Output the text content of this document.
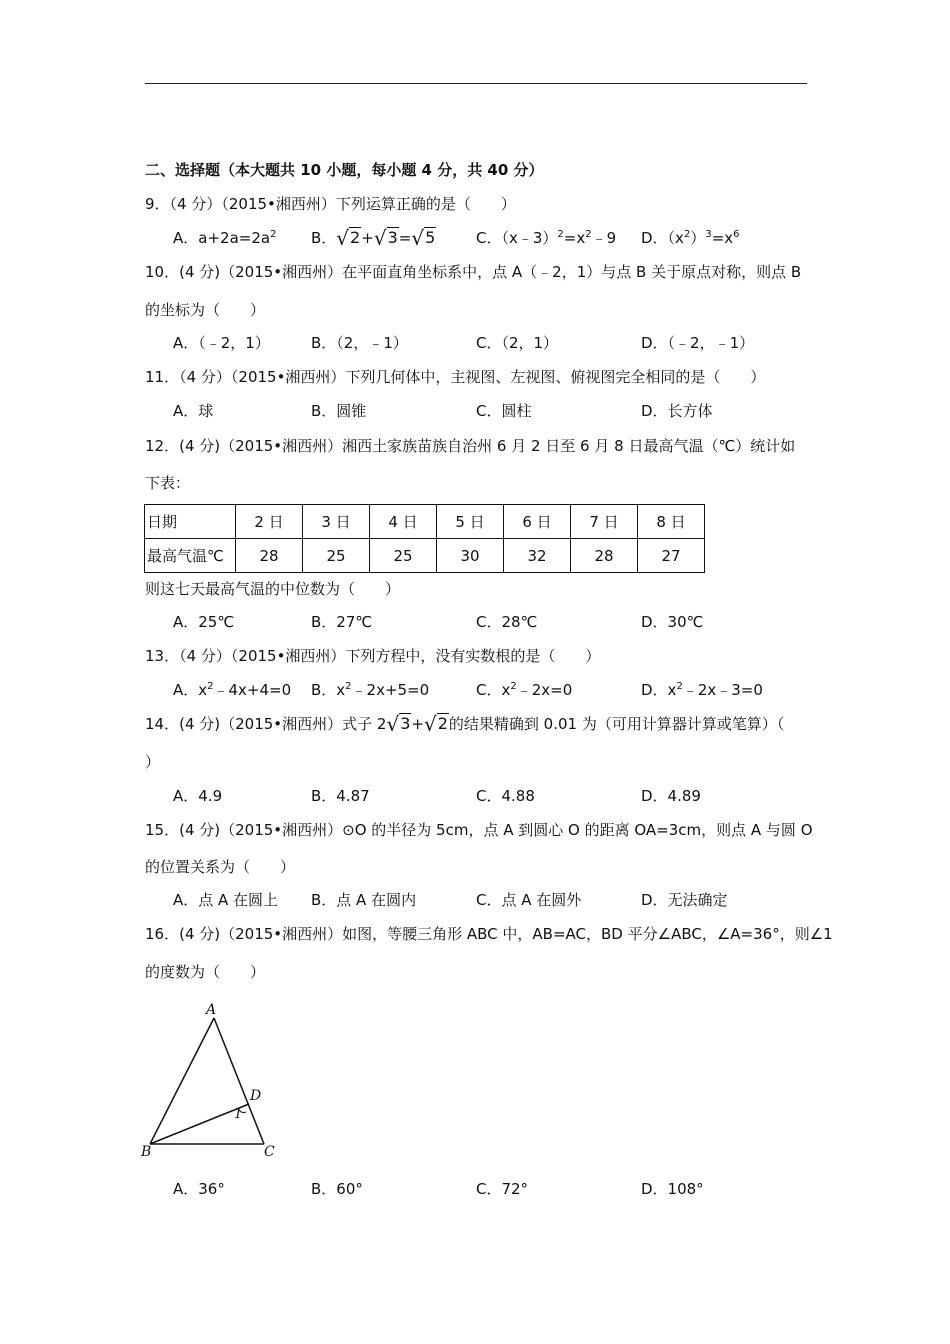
二、选择题（本大题共 10 小题，每小题 4 分，共 40 分）
9．（4 分）（2015•湘西州）下列运算正确的是（　　）
A．$a+2a=2a^2$ B．√2+√3=√5	C．$(x﹣3)^2=x^2﹣9$ D．$(x^2)^3=x^6$
10．(4 分)（2015•湘西州）在平面直角坐标系中，点 A（﹣2，1）与点 B 关于原点对称，则点 B
的坐标为（　　）
A．（﹣2，1）	B．（2，﹣1）	C．（2，1）	D．（﹣2，﹣1）
11．（4 分）（2015•湘西州）下列几何体中，主视图、左视图、俯视图完全相同的是（　　）
A．球	B．圆锥	C．圆柱	D．长方体
12．(4 分)（2015•湘西州）湘西土家族苗族自治州 6 月 2 日至 6 月 8 日最高气温（℃）统计如
下表：
日期	2 日	3 日	4 日	5 日	6 日	7 日	8 日
最高气温℃	28	25	25	30	32	28	27
则这七天最高气温的中位数为（　　）
A．25℃	B．27℃	C．28℃	D．30℃
13．（4 分）（2015•湘西州）下列方程中，没有实数根的是（　　）
A．$x^2﹣4x+4=0$ B．$x^2﹣2x+5=0$	C．$x^2﹣2x=0$	D．$x^2﹣2x﹣3=0$
14．(4 分)（2015•湘西州）式子 2√3+√2的结果精确到 0.01 为（可用计算器计算或笔算）（
）
A．4.9	B．4.87	C．4.88	D．4.89
15．(4 分)（2015•湘西州）⊙O 的半径为 5cm，点 A 到圆心 O 的距离 OA=3cm，则点 A 与圆 O
的位置关系为（　　）
A．点 A 在圆上 B．点 A 在圆内	C．点 A 在圆外	D．无法确定
16．(4 分)（2015•湘西州）如图，等腰三角形 ABC 中，AB=AC，BD 平分∠ABC，∠A=36°，则∠1
的度数为（　　）
A
B	C
D
1
A．36°	B．60°	C．72°	D．108°
